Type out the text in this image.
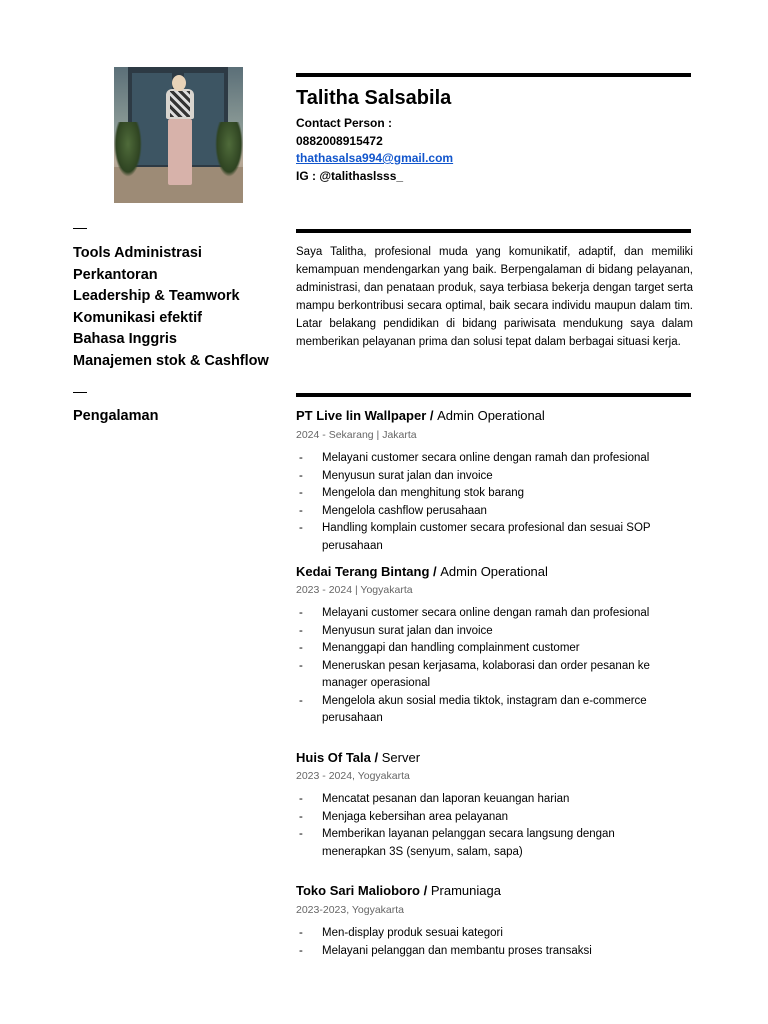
Talitha Salsabila
Contact Person :
0882008915472
thathasalsa994@gmail.com
IG : @talithaslsss_
Tools Administrasi
Perkantoran
Leadership & Teamwork
Komunikasi efektif
Bahasa Inggris
Manajemen stok & Cashflow
Pengalaman
Saya Talitha, profesional muda yang komunikatif, adaptif, dan memiliki kemampuan mendengarkan yang baik. Berpengalaman di bidang pelayanan, administrasi, dan penataan produk, saya terbiasa bekerja dengan target serta mampu berkontribusi secara optimal, baik secara individu maupun dalam tim. Latar belakang pendidikan di bidang pariwisata mendukung saya dalam memberikan pelayanan prima dan solusi tepat dalam berbagai situasi kerja.
PT Live lin Wallpaper / Admin Operational
2024 - Sekarang | Jakarta
- Melayani customer secara online dengan ramah dan profesional
- Menyusun surat jalan dan invoice
- Mengelola dan menghitung stok barang
- Mengelola cashflow perusahaan
- Handling komplain customer secara profesional dan sesuai SOP perusahaan
Kedai Terang Bintang / Admin Operational
2023 - 2024 | Yogyakarta
- Melayani customer secara online dengan ramah dan profesional
- Menyusun surat jalan dan invoice
- Menanggapi dan handling complainment customer
- Meneruskan pesan kerjasama, kolaborasi dan order pesanan ke manager operasional
- Mengelola akun sosial media tiktok, instagram dan e-commerce perusahaan
Huis Of Tala / Server
2023 - 2024, Yogyakarta
- Mencatat pesanan dan laporan keuangan harian
- Menjaga kebersihan area pelayanan
- Memberikan layanan pelanggan secara langsung dengan menerapkan 3S (senyum, salam, sapa)
Toko Sari Malioboro / Pramuniaga
2023-2023, Yogyakarta
- Men-display produk sesuai kategori
- Melayani pelanggan dan membantu proses transaksi
